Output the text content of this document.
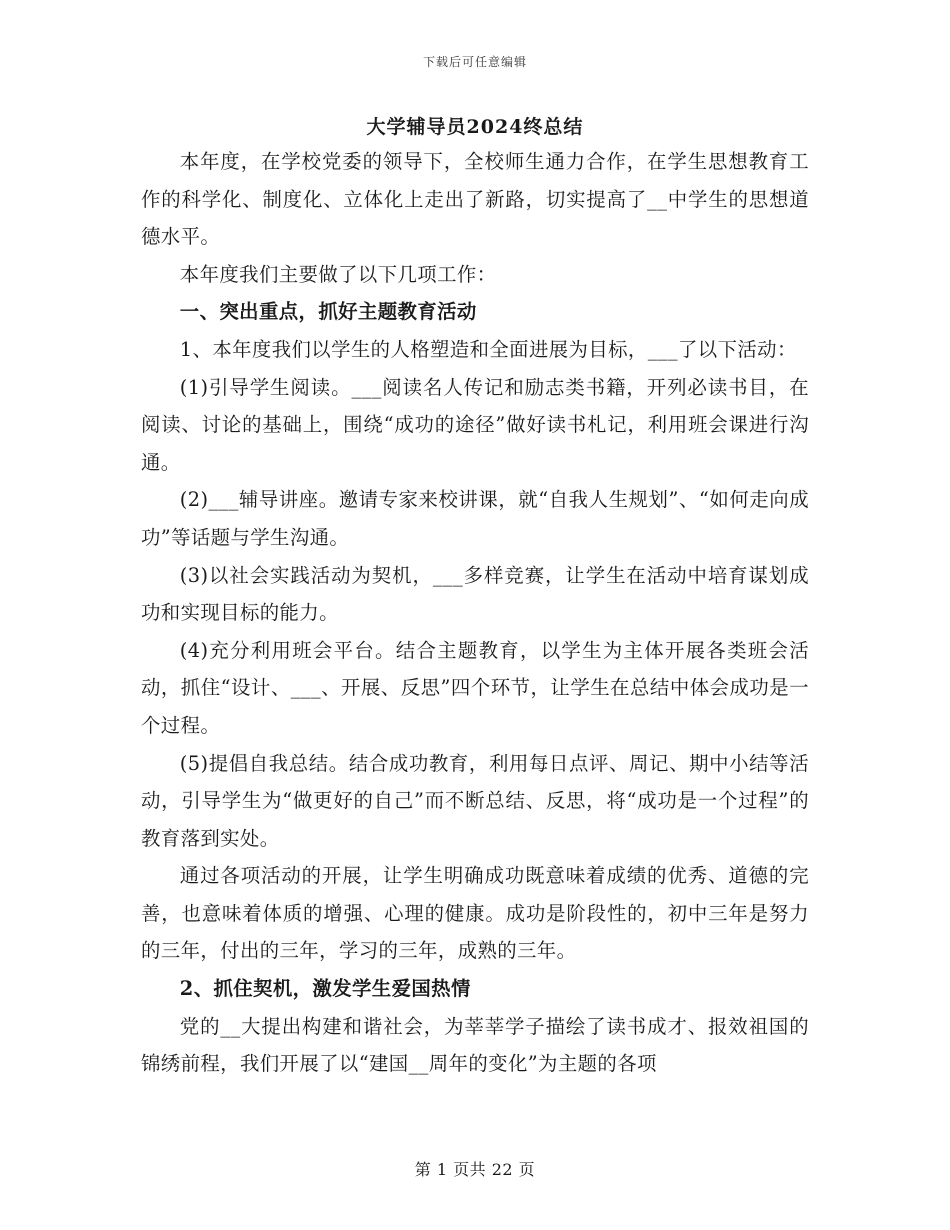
下载后可任意编辑
大学辅导员2024终总结

本年度，在学校党委的领导下，全校师生通力合作，在学生思想教育工作的科学化、制度化、立体化上走出了新路，切实提高了__中学生的思想道德水平。

本年度我们主要做了以下几项工作：

一、突出重点，抓好主题教育活动

1、本年度我们以学生的人格塑造和全面进展为目标，___了以下活动：

(1)引导学生阅读。___阅读名人传记和励志类书籍，开列必读书目，在阅读、讨论的基础上，围绕“成功的途径”做好读书札记，利用班会课进行沟通。

(2)___辅导讲座。邀请专家来校讲课，就“自我人生规划”、“如何走向成功”等话题与学生沟通。

(3)以社会实践活动为契机，___多样竞赛，让学生在活动中培育谋划成功和实现目标的能力。

(4)充分利用班会平台。结合主题教育，以学生为主体开展各类班会活动，抓住“设计、___、开展、反思”四个环节，让学生在总结中体会成功是一个过程。

(5)提倡自我总结。结合成功教育，利用每日点评、周记、期中小结等活动，引导学生为“做更好的自己”而不断总结、反思，将“成功是一个过程”的教育落到实处。

通过各项活动的开展，让学生明确成功既意味着成绩的优秀、道德的完善，也意味着体质的增强、心理的健康。成功是阶段性的，初中三年是努力的三年，付出的三年，学习的三年，成熟的三年。

2、抓住契机，激发学生爱国热情

党的__大提出构建和谐社会，为莘莘学子描绘了读书成才、报效祖国的锦绣前程，我们开展了以“建国__周年的变化”为主题的各项

第 1 页共 22 页
